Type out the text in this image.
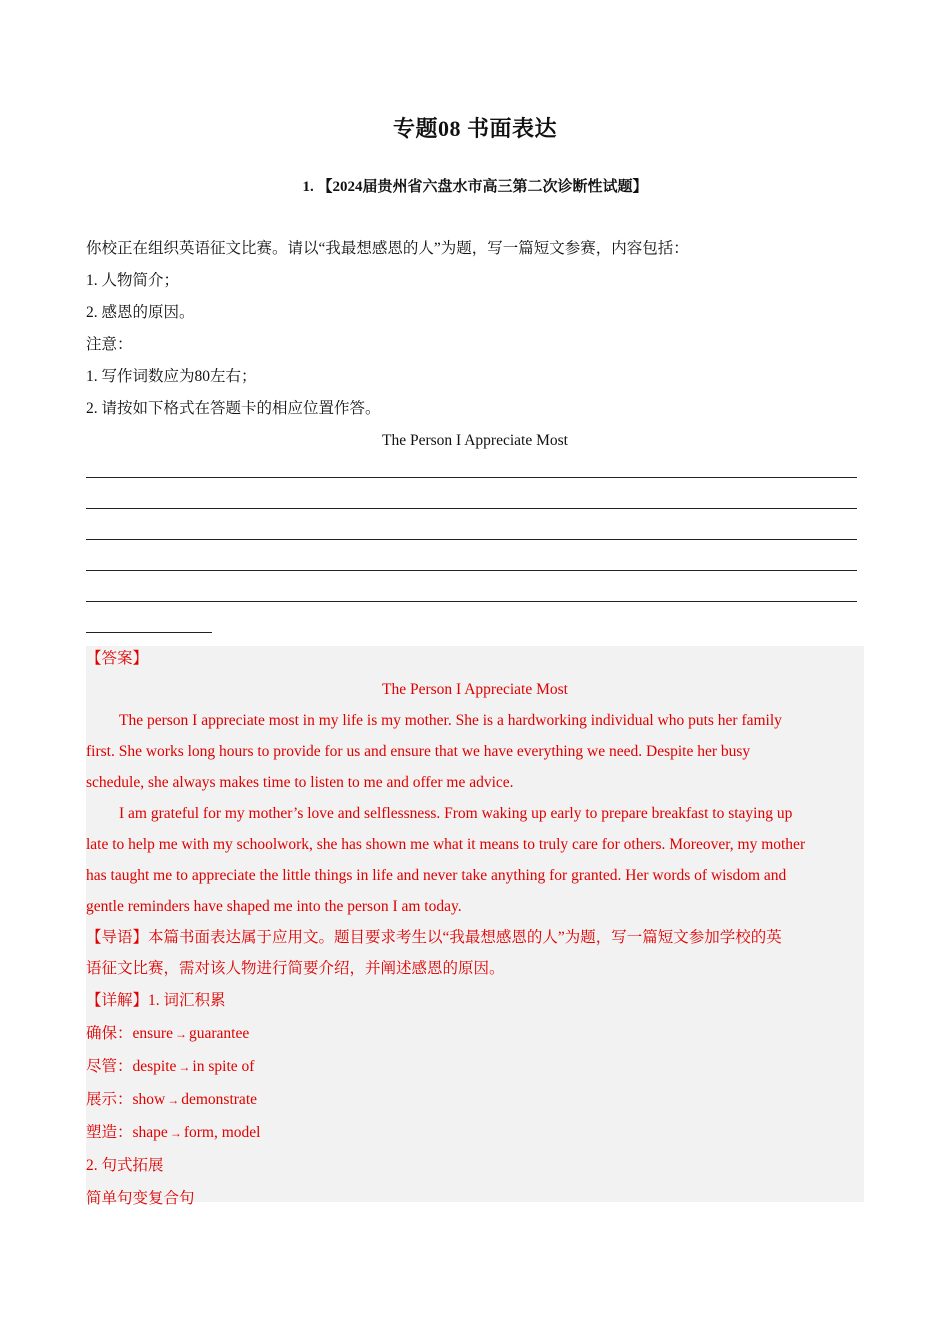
专题08 书面表达
1. 【2024届贵州省六盘水市高三第二次诊断性试题】
你校正在组织英语征文比赛。请以“我最想感恩的人”为题，写一篇短文参赛，内容包括：
1. 人物简介；
2. 感恩的原因。
注意：
1. 写作词数应为80左右；
2. 请按如下格式在答题卡的相应位置作答。
The Person I Appreciate Most
【答案】
The Person I Appreciate Most
The person I appreciate most in my life is my mother. She is a hardworking individual who puts her family
first. She works long hours to provide for us and ensure that we have everything we need. Despite her busy
schedule, she always makes time to listen to me and offer me advice.
I am grateful for my mother’s love and selflessness. From waking up early to prepare breakfast to staying up
late to help me with my schoolwork, she has shown me what it means to truly care for others. Moreover, my mother
has taught me to appreciate the little things in life and never take anything for granted. Her words of wisdom and
gentle reminders have shaped me into the person I am today.
【导语】本篇书面表达属于应用文。题目要求考生以“我最想感恩的人”为题，写一篇短文参加学校的英
语征文比赛，需对该人物进行简要介绍，并阐述感恩的原因。
【详解】1. 词汇积累
确保：ensure → guarantee
尽管：despite → in spite of
展示：show → demonstrate
塑造：shape → form, model
2. 句式拓展
简单句变复合句
